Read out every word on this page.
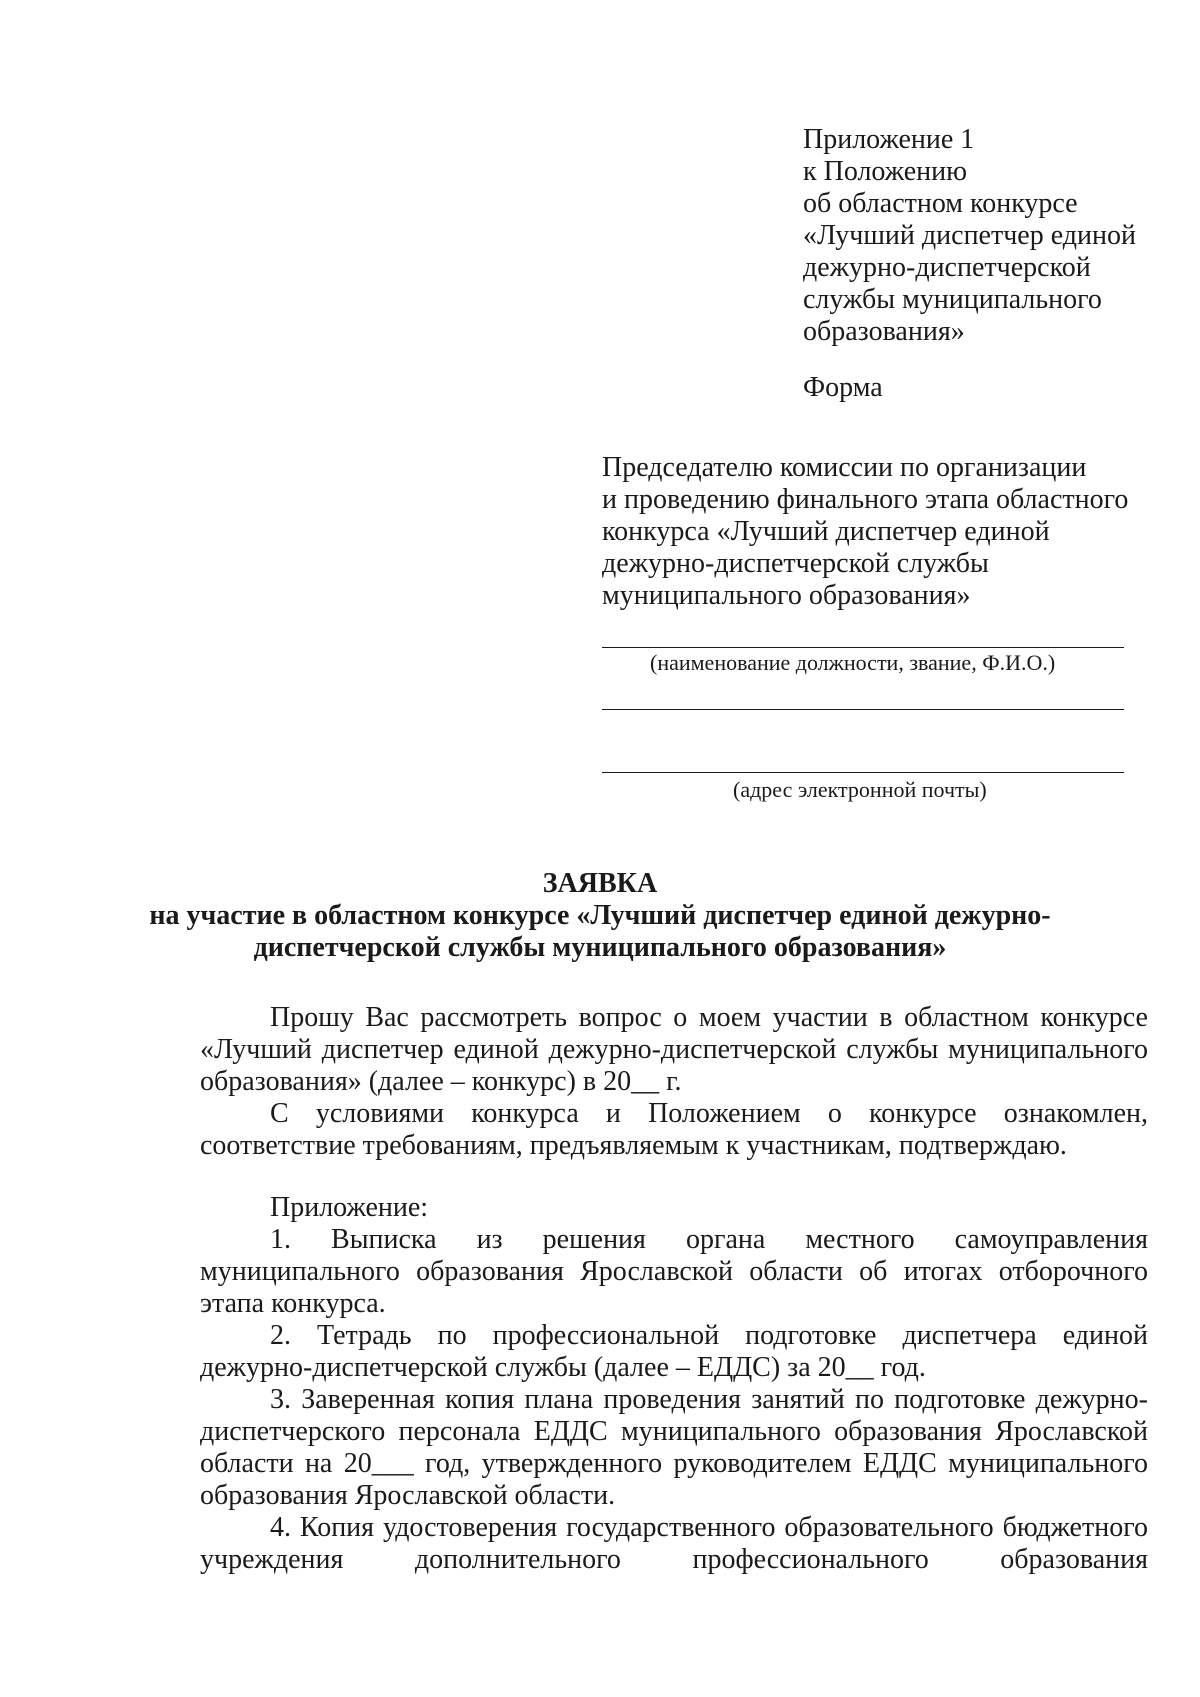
Приложение 1
к Положению
об областном конкурсе
«Лучший диспетчер единой
дежурно-диспетчерской
службы муниципального
образования»
Форма
Председателю комиссии по организации
и проведению финального этапа областного
конкурса «Лучший диспетчер единой
дежурно-диспетчерской службы
муниципального образования»
(наименование должности, звание, Ф.И.О.)
(адрес электронной почты)
ЗАЯВКА
на участие в областном конкурсе «Лучший диспетчер единой дежурно-
диспетчерской службы муниципального образования»

Прошу Вас рассмотреть вопрос о моем участии в областном конкурсе «Лучший диспетчер единой дежурно-диспетчерской службы муниципального образования» (далее – конкурс) в 20__ г.

С условиями конкурса и Положением о конкурсе ознакомлен, соответствие требованиям, предъявляемым к участникам, подтверждаю.

Приложение:

1. Выписка из решения органа местного самоуправления муниципального образования Ярославской области об итогах отборочного этапа конкурса.

2. Тетрадь по профессиональной подготовке диспетчера единой дежурно-диспетчерской службы (далее – ЕДДС) за 20__ год.

3. Заверенная копия плана проведения занятий по подготовке дежурно-диспетчерского персонала ЕДДС муниципального образования Ярославской области на 20___ год, утвержденного руководителем ЕДДС муниципального образования Ярославской области.

4. Копия удостоверения государственного образовательного бюджетного учреждения дополнительного профессионального образования
